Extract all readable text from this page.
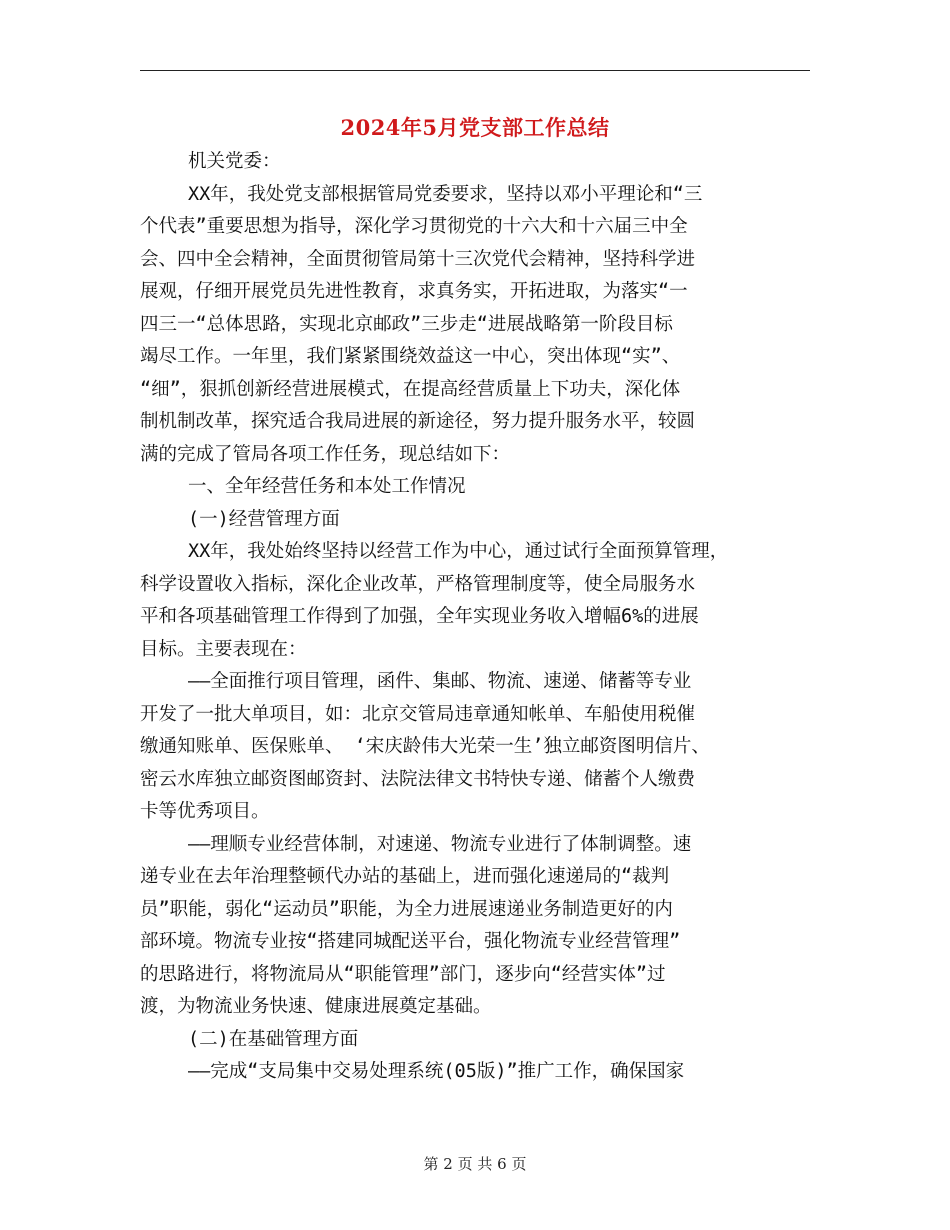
2024年5月党支部工作总结
机关党委：
XX年，我处党支部根据管局党委要求，坚持以邓小平理论和“三
个代表”重要思想为指导，深化学习贯彻党的十六大和十六届三中全
会、四中全会精神，全面贯彻管局第十三次党代会精神，坚持科学进
展观，仔细开展党员先进性教育，求真务实，开拓进取，为落实“一
四三一“总体思路，实现北京邮政”三步走“进展战略第一阶段目标
竭尽工作。一年里，我们紧紧围绕效益这一中心，突出体现“实”、
“细”，狠抓创新经营进展模式，在提高经营质量上下功夫，深化体
制机制改革，探究适合我局进展的新途径，努力提升服务水平，较圆
满的完成了管局各项工作任务，现总结如下：
一、全年经营任务和本处工作情况
(一)经营管理方面
XX年，我处始终坚持以经营工作为中心，通过试行全面预算管理，
科学设置收入指标，深化企业改革，严格管理制度等，使全局服务水
平和各项基础管理工作得到了加强，全年实现业务收入增幅6%的进展
目标。主要表现在：
——全面推行项目管理，函件、集邮、物流、速递、储蓄等专业
开发了一批大单项目，如：北京交管局违章通知帐单、车船使用税催
缴通知账单、医保账单、 ‘宋庆龄伟大光荣一生’独立邮资图明信片、
密云水库独立邮资图邮资封、法院法律文书特快专递、储蓄个人缴费
卡等优秀项目。
——理顺专业经营体制，对速递、物流专业进行了体制调整。速
递专业在去年治理整顿代办站的基础上，进而强化速递局的“裁判
员”职能，弱化“运动员”职能，为全力进展速递业务制造更好的内
部环境。物流专业按“搭建同城配送平台，强化物流专业经营管理”
的思路进行，将物流局从“职能管理”部门，逐步向“经营实体”过
渡，为物流业务快速、健康进展奠定基础。
(二)在基础管理方面
——完成“支局集中交易处理系统(05版)”推广工作，确保国家
第 2 页 共 6 页
